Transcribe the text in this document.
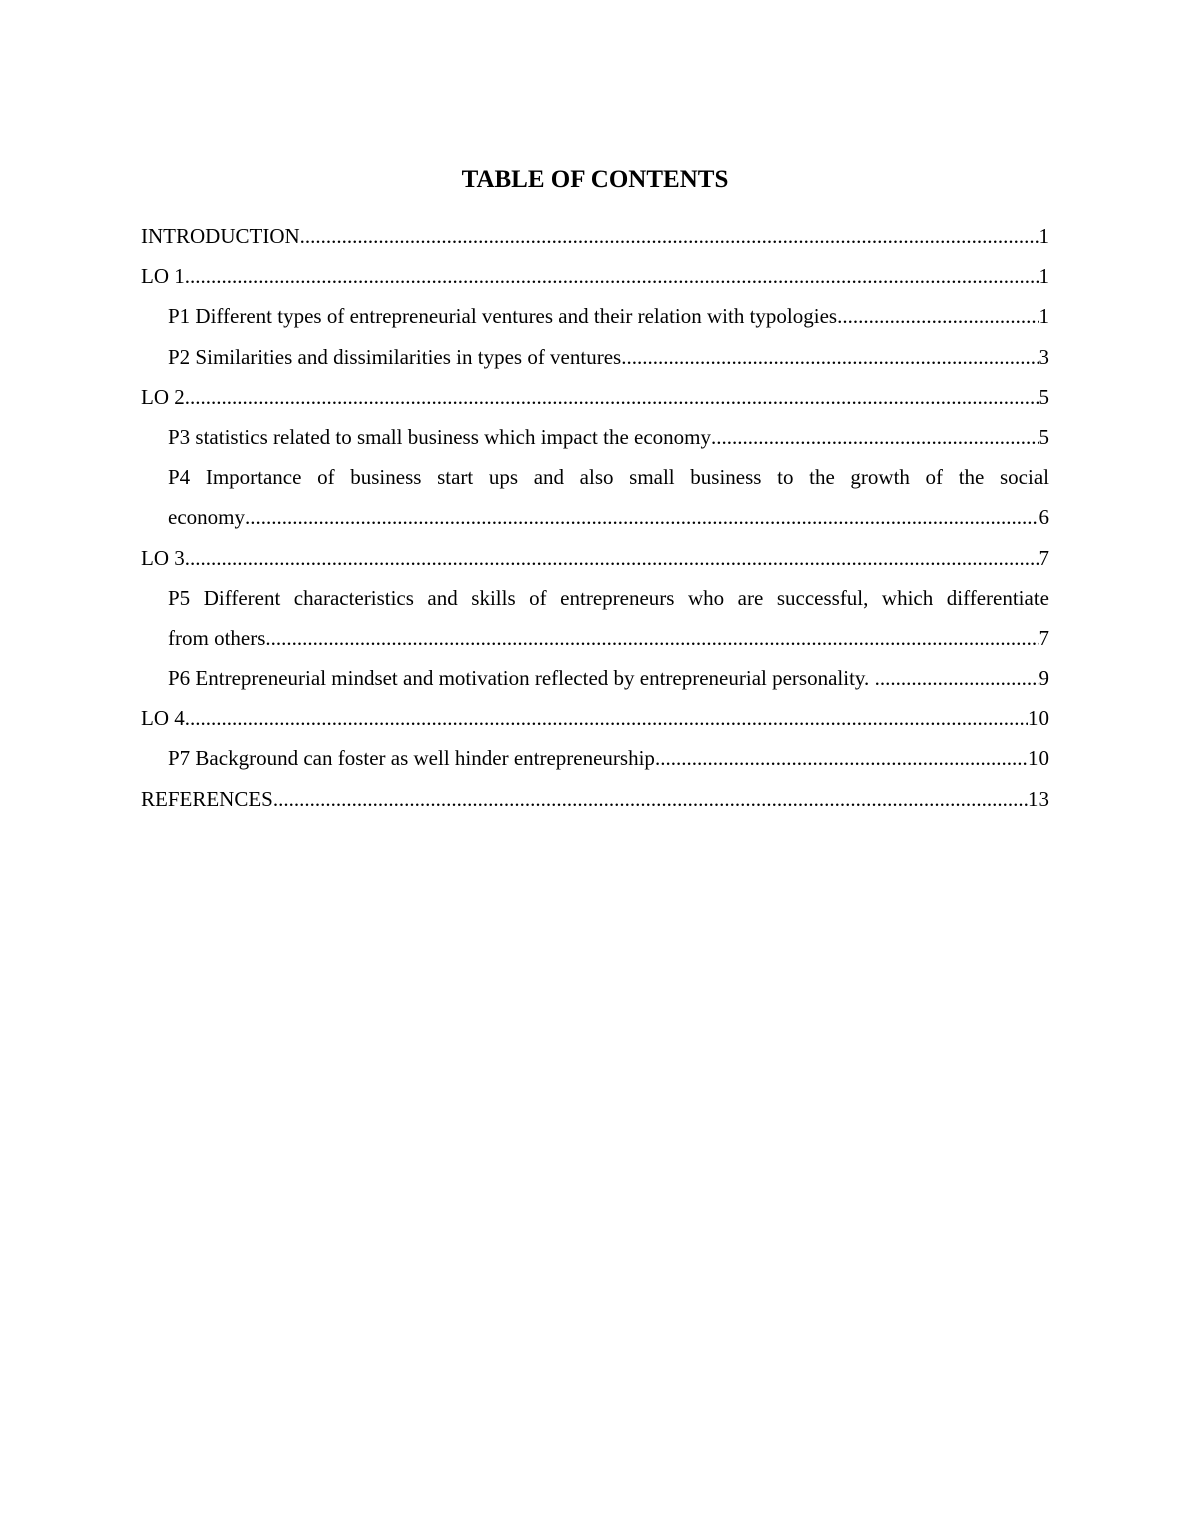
TABLE OF CONTENTS
INTRODUCTION .....	1
LO 1 .....	1
P1 Different types of entrepreneurial ventures and their relation with typologies .....	1
P2 Similarities and dissimilarities in types of ventures .....	3
LO 2 .....	5
P3 statistics related to small business which impact the economy .....	5
P4 Importance of business start ups and also small business to the growth of the social
economy .....	6
LO 3 .....	7
P5 Different characteristics and skills of entrepreneurs who are successful, which differentiate
from others .....	7
P6 Entrepreneurial mindset and motivation reflected by entrepreneurial personality. .....	9
LO 4 .....	10
P7 Background can foster as well hinder entrepreneurship .....	10
REFERENCES .....	13
